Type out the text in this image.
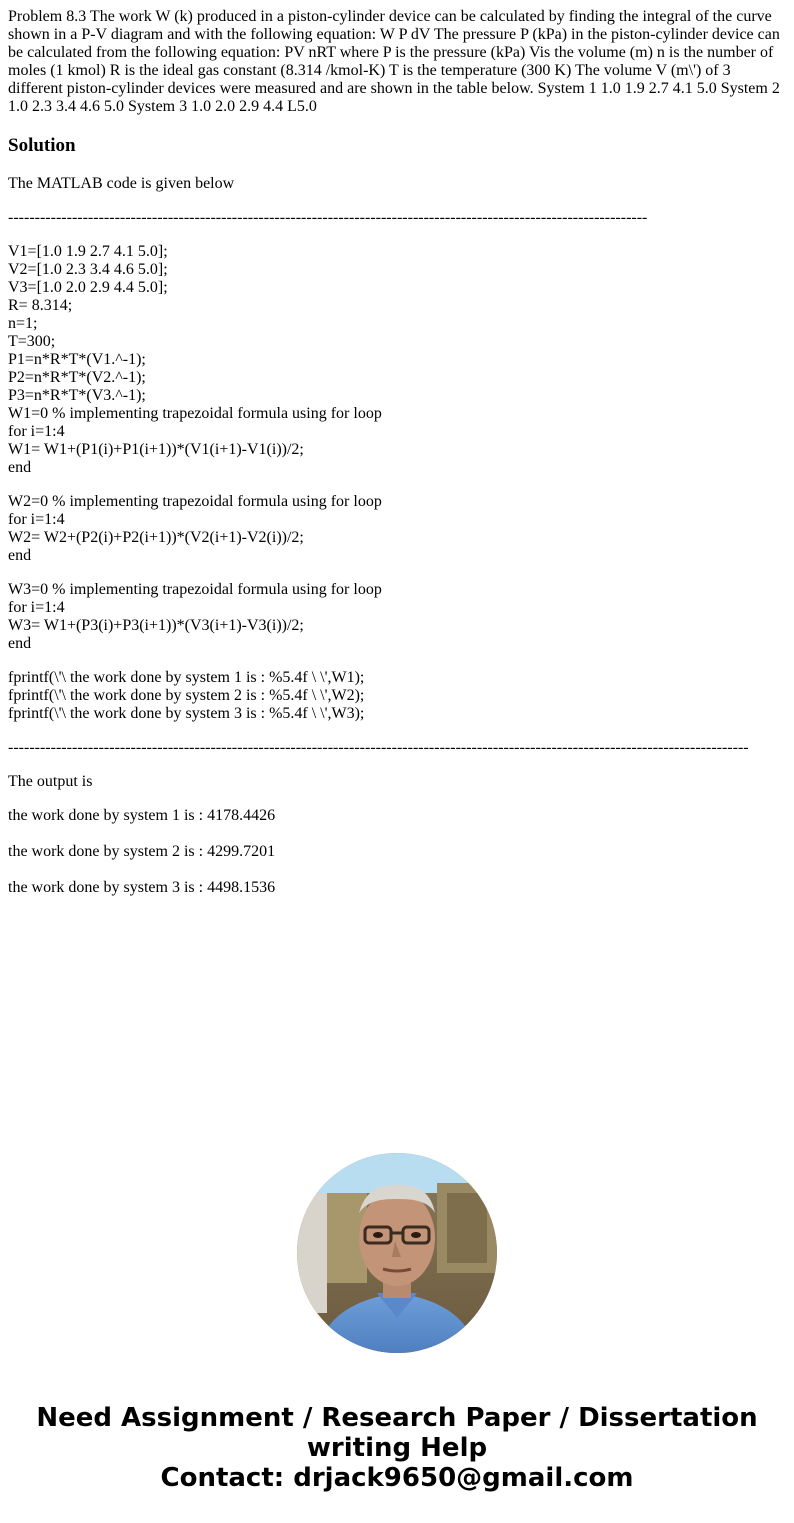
Problem 8.3 The work W (k) produced in a piston-cylinder device can be calculated by finding the integral of the curve shown in a P-V diagram and with the following equation: W P dV The pressure P (kPa) in the piston-cylinder device can be calculated from the following equation: PV nRT where P is the pressure (kPa) Vis the volume (m) n is the number of moles (1 kmol) R is the ideal gas constant (8.314 /kmol-K) T is the temperature (300 K) The volume V (m\') of 3 different piston-cylinder devices were measured and are shown in the table below. System 1 1.0 1.9 2.7 4.1 5.0 System 2 1.0 2.3 3.4 4.6 5.0 System 3 1.0 2.0 2.9 4.4 L5.0
Solution

The MATLAB code is given below

------------------------------------------------------------------------------------------------------------------------
V1=[1.0 1.9 2.7 4.1 5.0];
V2=[1.0 2.3 3.4 4.6 5.0];
V3=[1.0 2.0 2.9 4.4 5.0];
R= 8.314;
n=1;
T=300;
P1=n*R*T*(V1.^-1);
P2=n*R*T*(V2.^-1);
P3=n*R*T*(V3.^-1);
W1=0 % implementing trapezoidal formula using for loop
for i=1:4
W1= W1+(P1(i)+P1(i+1))*(V1(i+1)-V1(i))/2;
end
W2=0 % implementing trapezoidal formula using for loop
for i=1:4
W2= W2+(P2(i)+P2(i+1))*(V2(i+1)-V2(i))/2;
end
W3=0 % implementing trapezoidal formula using for loop
for i=1:4
W3= W1+(P3(i)+P3(i+1))*(V3(i+1)-V3(i))/2;
end
fprintf(\'\ the work done by system 1 is : %5.4f \ \',W1);
fprintf(\'\ the work done by system 2 is : %5.4f \ \',W2);
fprintf(\'\ the work done by system 3 is : %5.4f \ \',W3);
-------------------------------------------------------------------------------------------------------------------------------------------

The output is

the work done by system 1 is : 4178.4426
the work done by system 2 is : 4299.7201
the work done by system 3 is : 4498.1536
Need Assignment / Research Paper / Dissertation
writing Help
Contact: drjack9650@gmail.com
